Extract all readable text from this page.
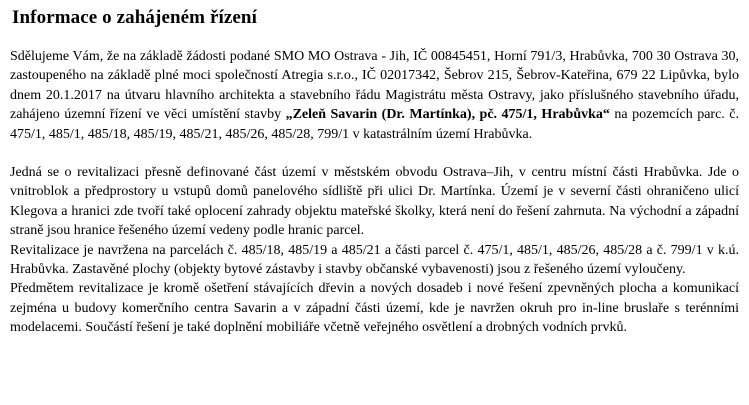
Informace o zahájeném řízení

Sdělujeme Vám, že na základě žádosti podané SMO MO Ostrava - Jih, IČ 00845451, Horní 791/3, Hrabůvka, 700 30 Ostrava 30, zastoupeného na základě plné moci společností Atregia s.r.o., IČ 02017342, Šebrov 215, Šebrov-Kateřina, 679 22 Lipůvka, bylo dnem 20.1.2017 na útvaru hlavního architekta a stavebního řádu Magistrátu města Ostravy, jako příslušného stavebního úřadu, zahájeno územní řízení ve věci umístění stavby „Zeleň Savarin (Dr. Martínka), pč. 475/1, Hrabůvka“ na pozemcích parc. č. 475/1, 485/1, 485/18, 485/19, 485/21, 485/26, 485/28, 799/1 v katastrálním území Hrabůvka.

Jedná se o revitalizaci přesně definované část území v městském obvodu Ostrava–Jih, v centru místní části Hrabůvka. Jde o vnitroblok a předprostory u vstupů domů panelového sídliště při ulici Dr. Martínka. Území je v severní části ohraničeno ulicí Klegova a hranici zde tvoří také oplocení zahrady objektu mateřské školky, která není do řešení zahrnuta. Na východní a západní straně jsou hranice řešeného území vedeny podle hranic parcel.

Revitalizace je navržena na parcelách č. 485/18, 485/19 a 485/21 a části parcel č. 475/1, 485/1, 485/26, 485/28 a č. 799/1 v k.ú. Hrabůvka. Zastavěné plochy (objekty bytové zástavby i stavby občanské vybavenosti) jsou z řešeného území vyloučeny.

Předmětem revitalizace je kromě ošetření stávajících dřevin a nových dosadeb i nové řešení zpevněných plocha a komunikací zejména u budovy komerčního centra Savarin a v západní části území, kde je navržen okruh pro in-line bruslaře s terénními modelacemi. Součástí řešení je také doplnění mobiliáře včetně veřejného osvětlení a drobných vodních prvků.
